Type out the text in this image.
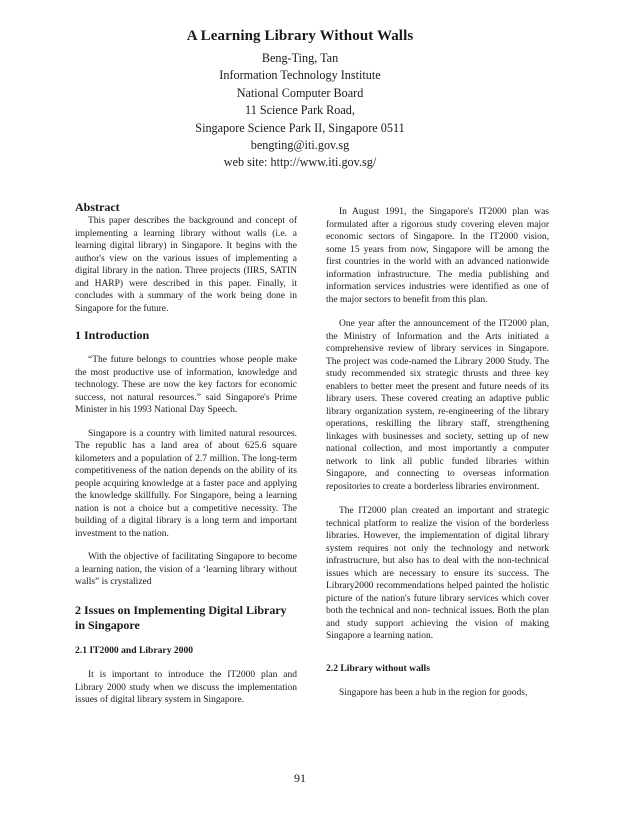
A Learning Library Without Walls

Beng-Ting, Tan

Information Technology Institute

National Computer Board

11 Science Park Road,

Singapore Science Park II, Singapore 0511

bengting@iti.gov.sg

web site: http://www.iti.gov.sg/

Abstract

This paper describes the background and concept of implementing a learning library without walls (i.e. a learning digital library) in Singapore. It begins with the author's view on the various issues of implementing a digital library in the nation. Three projects (IIRS, SATIN and HARP) were described in this paper. Finally, it concludes with a summary of the work being done in Singapore for the future.

1 Introduction

“The future belongs to countries whose people make the most productive use of information, knowledge and technology. These are now the key factors for economic success, not natural resources.” said Singapore's Prime Minister in his 1993 National Day Speech.

Singapore is a country with limited natural resources. The republic has a land area of about 625.6 square kilometers and a population of 2.7 million. The long-term competitiveness of the nation depends on the ability of its people acquiring knowledge at a faster pace and applying the knowledge skillfully. For Singapore, being a learning nation is not a choice but a competitive necessity. The building of a digital library is a long term and important investment to the nation.

With the objective of facilitating Singapore to become a learning nation, the vision of a ‘learning library without walls” is crystalized

2 Issues on Implementing Digital Library in Singapore

2.1 IT2000 and Library 2000

It is important to introduce the IT2000 plan and Library 2000 study when we discuss the implementation issues of digital library system in Singapore.

In August 1991, the Singapore's IT2000 plan was formulated after a rigorous study covering eleven major economic sectors of Singapore. In the IT2000 vision, some 15 years from now, Singapore will be among the first countries in the world with an advanced nationwide information infrastructure. The media publishing and information services industries were identified as one of the major sectors to benefit from this plan.

One year after the announcement of the IT2000 plan, the Ministry of Information and the Arts initiated a comprehensive review of library services in Singapore. The project was code-named the Library 2000 Study. The study recommended six strategic thrusts and three key enablers to better meet the present and future needs of its library users. These covered creating an adaptive public library organization system, re-engineering of the library operations, reskilling the library staff, strengthening linkages with businesses and society, setting up of new national collection, and most importantly a computer network to link all public funded libraries within Singapore, and connecting to overseas information repositories to create a borderless libraries environment.

The IT2000 plan created an important and strategic technical platform to realize the vision of the borderless libraries. However, the implementation of digital library system requires not only the technology and network infrastructure, but also has to deal with the non-technical issues which are necessary to ensure its success. The Library2000 recommendations helped painted the holistic picture of the nation's future library services which cover both the technical and non- technical issues. Both the plan and study support achieving the vision of making Singapore a learning nation.

2.2 Library without walls

Singapore has been a hub in the region for goods,

91
